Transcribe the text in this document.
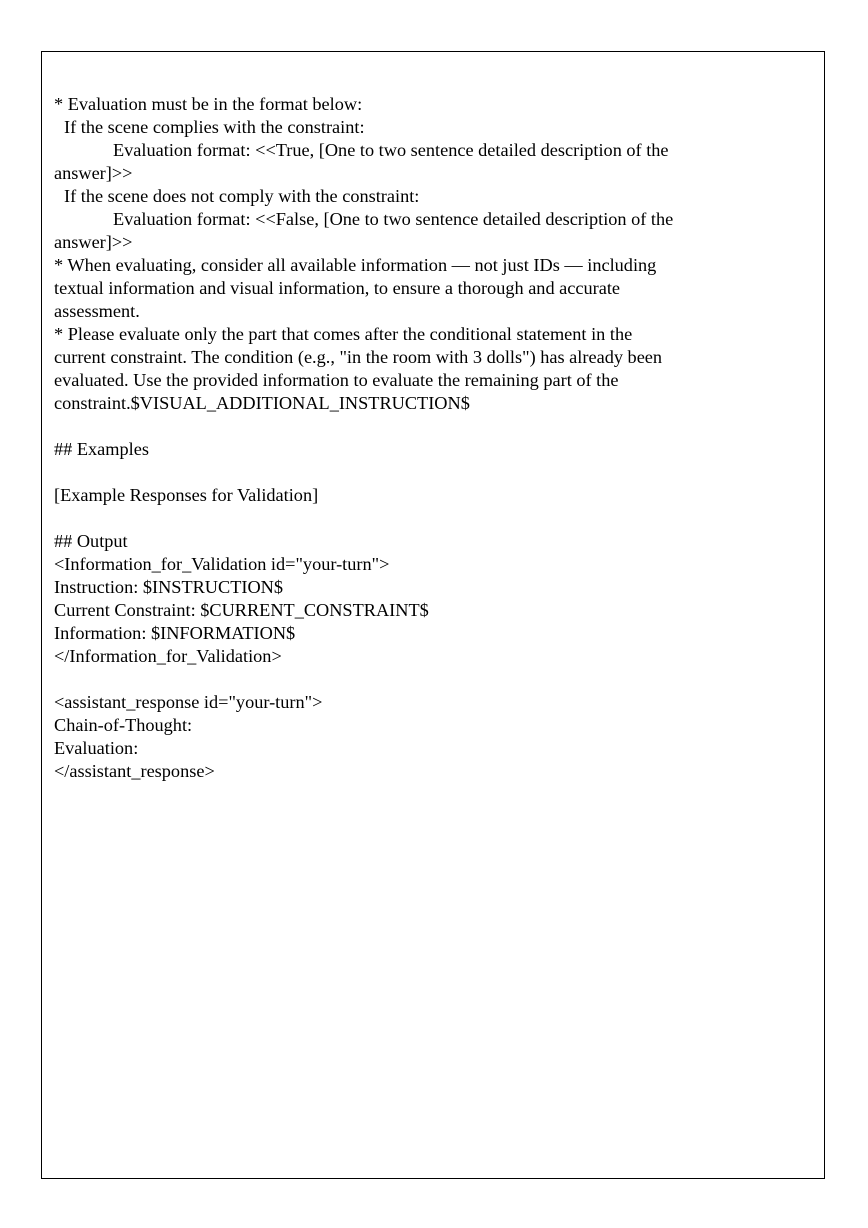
* Evaluation must be in the format below:
If the scene complies with the constraint:
Evaluation format: <<True, [One to two sentence detailed description of the
answer]>>
If the scene does not comply with the constraint:
Evaluation format: <<False, [One to two sentence detailed description of the
answer]>>
* When evaluating, consider all available information — not just IDs — including
textual information and visual information, to ensure a thorough and accurate
assessment.
* Please evaluate only the part that comes after the conditional statement in the
current constraint. The condition (e.g., "in the room with 3 dolls") has already been
evaluated. Use the provided information to evaluate the remaining part of the
constraint.$VISUAL_ADDITIONAL_INSTRUCTION$
## Examples
[Example Responses for Validation]
## Output
<Information_for_Validation id="your-turn">
Instruction: $INSTRUCTION$
Current Constraint: $CURRENT_CONSTRAINT$
Information: $INFORMATION$
</Information_for_Validation>
<assistant_response id="your-turn">
Chain-of-Thought:
Evaluation:
</assistant_response>
